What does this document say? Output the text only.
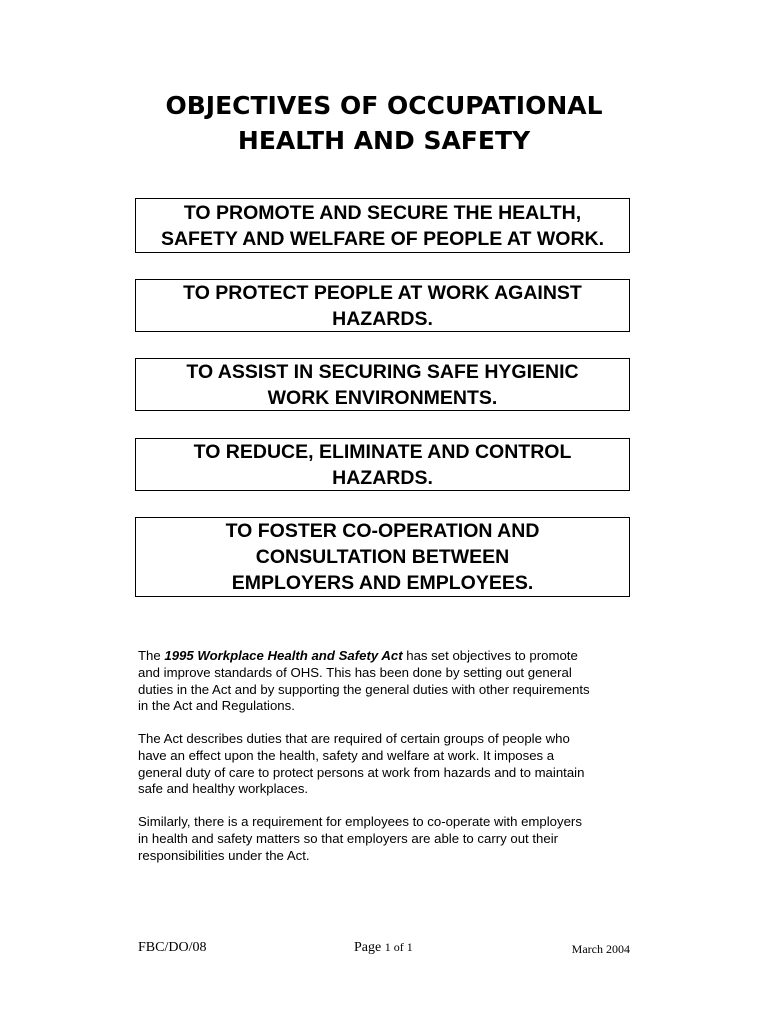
OBJECTIVES OF OCCUPATIONAL
HEALTH AND SAFETY
TO PROMOTE AND SECURE THE HEALTH,
SAFETY AND WELFARE OF PEOPLE AT WORK.
TO PROTECT PEOPLE AT WORK AGAINST
HAZARDS.
TO ASSIST IN SECURING SAFE HYGIENIC
WORK ENVIRONMENTS.
TO REDUCE, ELIMINATE AND CONTROL
HAZARDS.
TO FOSTER CO-OPERATION AND
CONSULTATION BETWEEN
EMPLOYERS AND EMPLOYEES.
The 1995 Workplace Health and Safety Act has set objectives to promote
and improve standards of OHS. This has been done by setting out general
duties in the Act and by supporting the general duties with other requirements
in the Act and Regulations.
The Act describes duties that are required of certain groups of people who
have an effect upon the health, safety and welfare at work. It imposes a
general duty of care to protect persons at work from hazards and to maintain
safe and healthy workplaces.
Similarly, there is a requirement for employees to co-operate with employers
in health and safety matters so that employers are able to carry out their
responsibilities under the Act.
FBC/DO/08	Page 1 of 1	March 2004
